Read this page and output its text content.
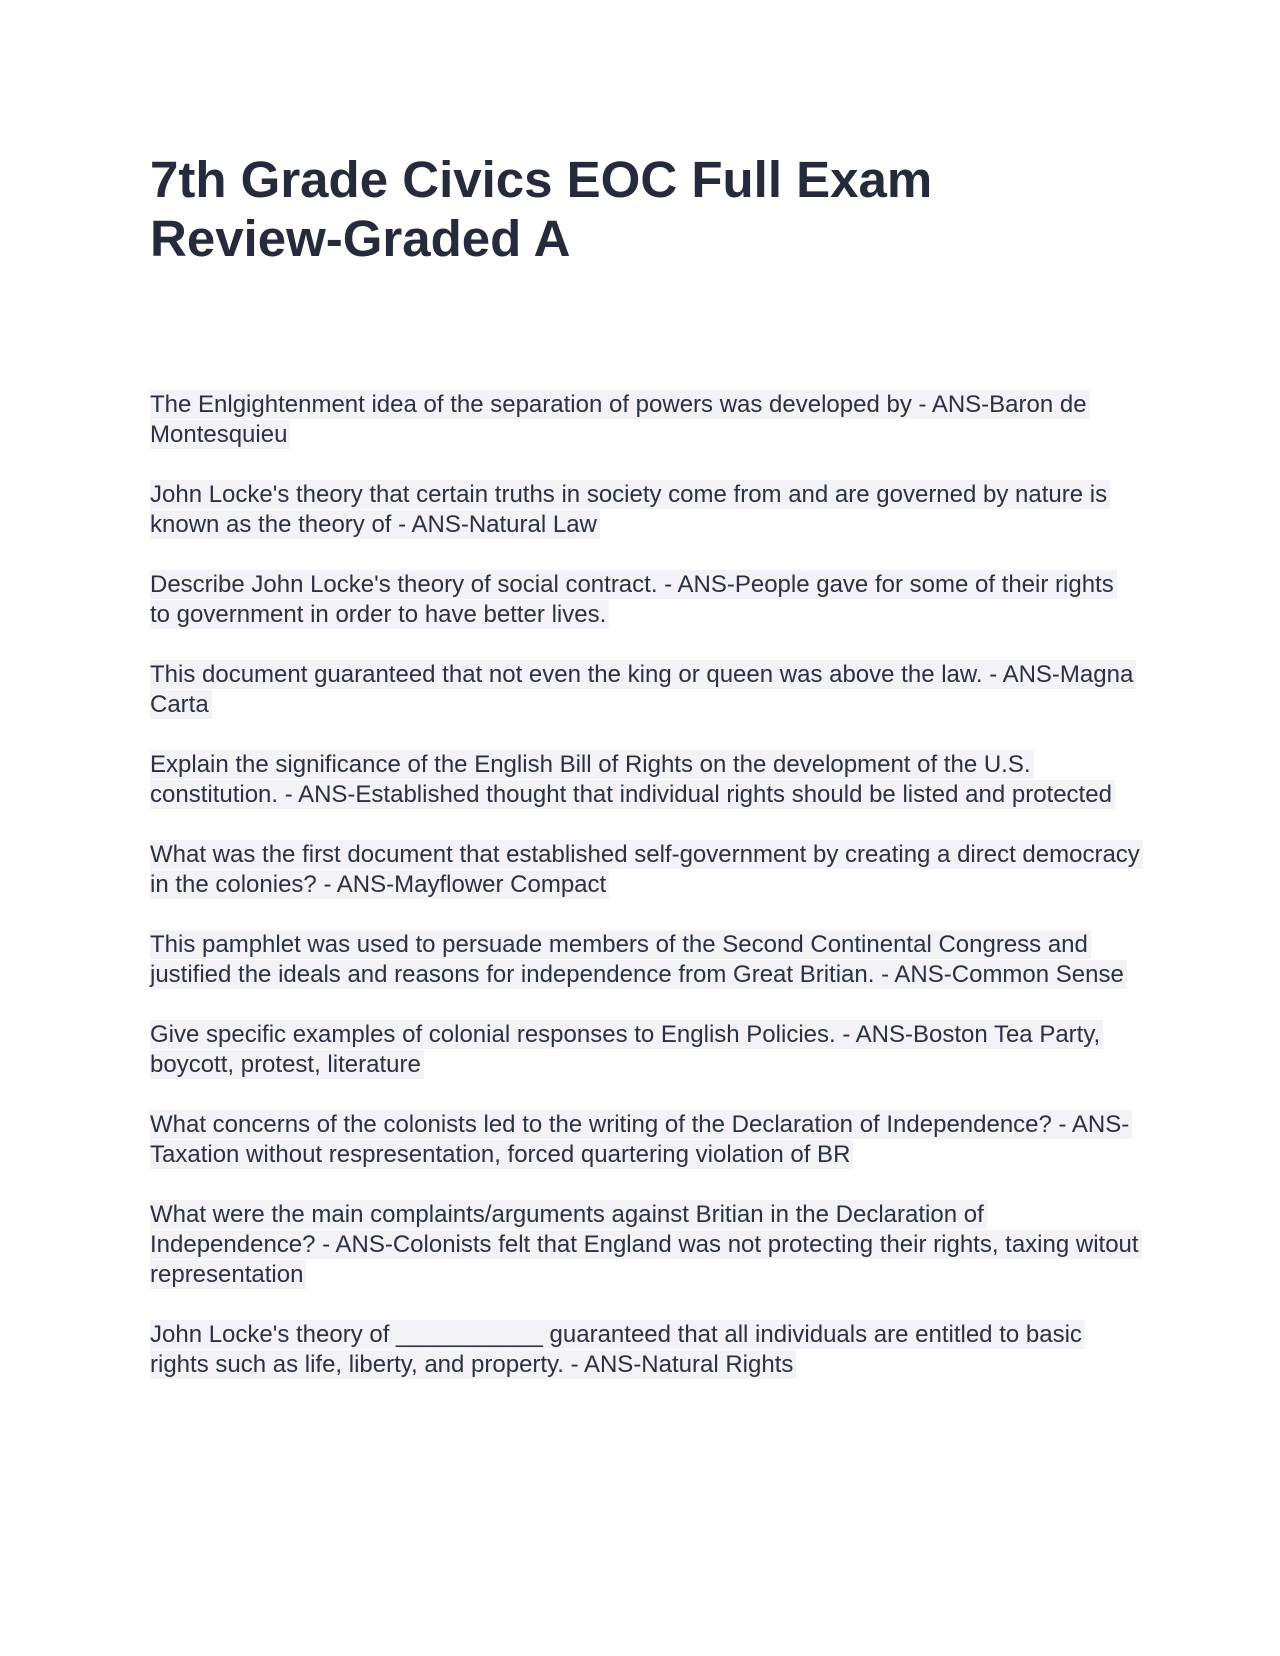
7th Grade Civics EOC Full Exam Review-Graded A

The Enlgightenment idea of the separation of powers was developed by - ANS-Baron de Montesquieu

John Locke's theory that certain truths in society come from and are governed by nature is known as the theory of - ANS-Natural Law

Describe John Locke's theory of social contract. - ANS-People gave for some of their rights to government in order to have better lives.

This document guaranteed that not even the king or queen was above the law. - ANS-Magna Carta

Explain the significance of the English Bill of Rights on the development of the U.S. constitution. - ANS-Established thought that individual rights should be listed and protected

What was the first document that established self-government by creating a direct democracy in the colonies? - ANS-Mayflower Compact

This pamphlet was used to persuade members of the Second Continental Congress and justified the ideals and reasons for independence from Great Britian. - ANS-Common Sense

Give specific examples of colonial responses to English Policies. - ANS-Boston Tea Party, boycott, protest, literature

What concerns of the colonists led to the writing of the Declaration of Independence? - ANS-Taxation without respresentation, forced quartering violation of BR

What were the main complaints/arguments against Britian in the Declaration of Independence? - ANS-Colonists felt that England was not protecting their rights, taxing witout representation

John Locke's theory of ___________ guaranteed that all individuals are entitled to basic rights such as life, liberty, and property. - ANS-Natural Rights
